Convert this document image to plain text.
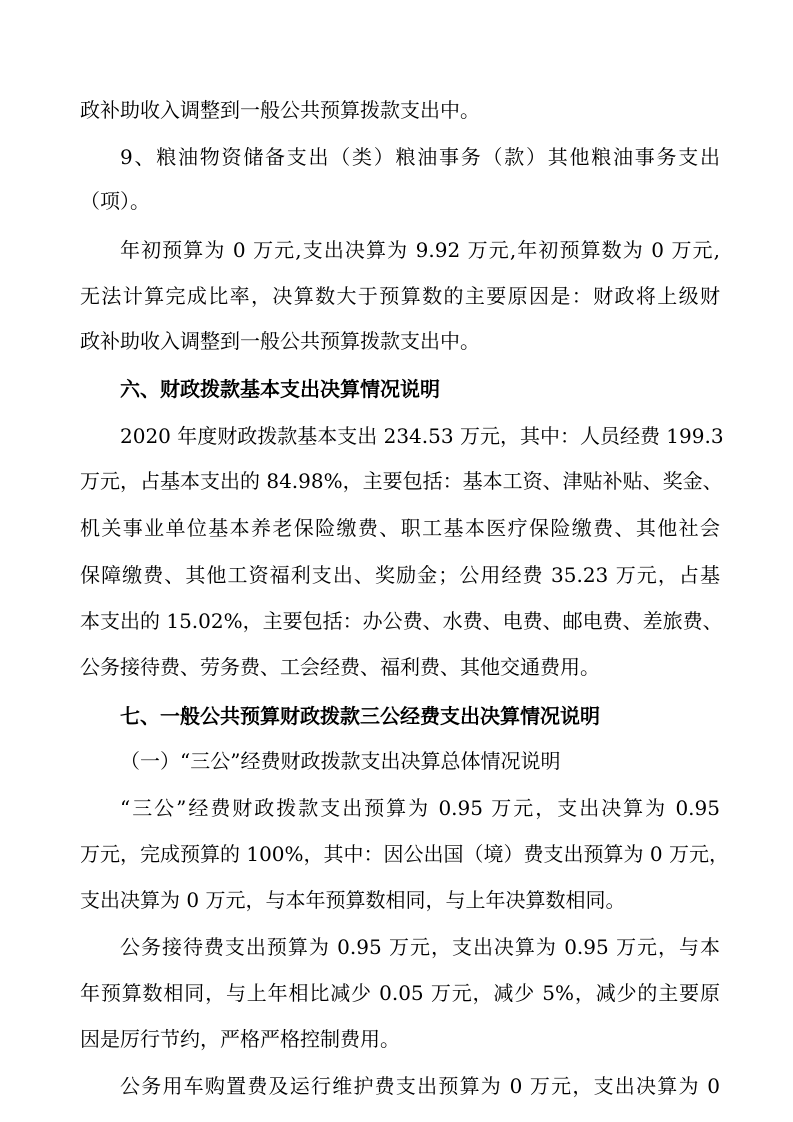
政补助收入调整到一般公共预算拨款支出中。
9、粮油物资储备支出（类）粮油事务（款）其他粮油事务支出
（项）。
年初预算为 0 万元,支出决算为 9.92 万元,年初预算数为 0 万元,
无法计算完成比率，决算数大于预算数的主要原因是：财政将上级财
政补助收入调整到一般公共预算拨款支出中。
六、财政拨款基本支出决算情况说明
2020 年度财政拨款基本支出 234.53 万元，其中：人员经费 199.3
万元，占基本支出的 84.98%，主要包括：基本工资、津贴补贴、奖金、
机关事业单位基本养老保险缴费、职工基本医疗保险缴费、其他社会
保障缴费、其他工资福利支出、奖励金；公用经费 35.23 万元，占基
本支出的 15.02%，主要包括：办公费、水费、电费、邮电费、差旅费、
公务接待费、劳务费、工会经费、福利费、其他交通费用。
七、一般公共预算财政拨款三公经费支出决算情况说明
（一）“三公”经费财政拨款支出决算总体情况说明
“三公”经费财政拨款支出预算为 0.95 万元，支出决算为 0.95
万元，完成预算的 100%，其中：因公出国（境）费支出预算为 0 万元，
支出决算为 0 万元，与本年预算数相同，与上年决算数相同。
公务接待费支出预算为 0.95 万元，支出决算为 0.95 万元，与本
年预算数相同，与上年相比减少 0.05 万元，减少 5%，减少的主要原
因是厉行节约，严格严格控制费用。
公务用车购置费及运行维护费支出预算为 0 万元，支出决算为 0
